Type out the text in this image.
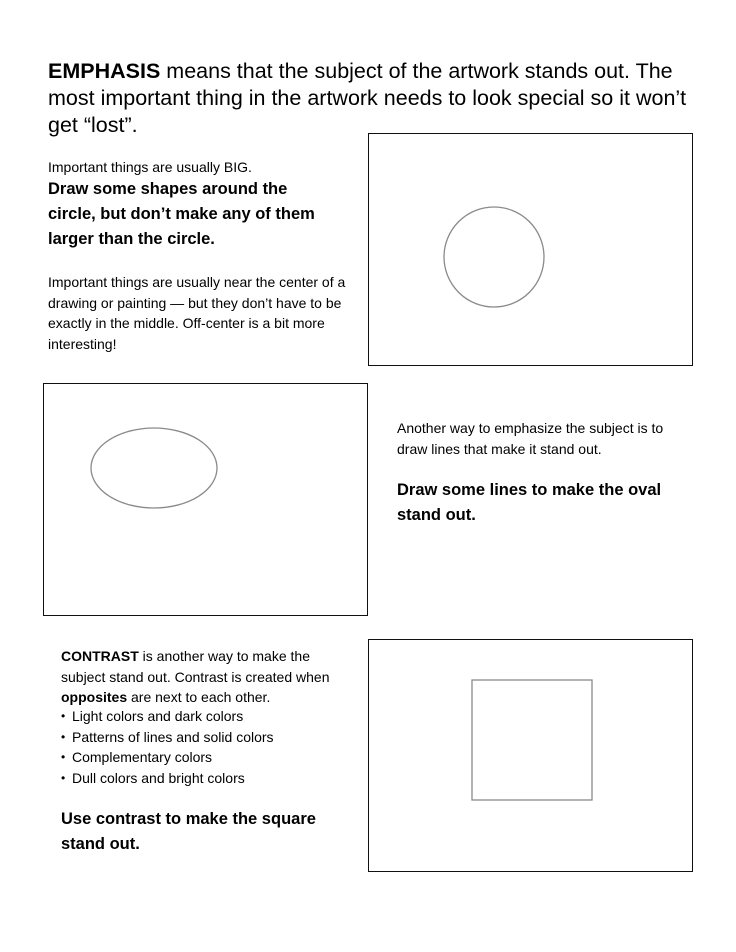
EMPHASIS means that the subject of the artwork stands out. The most important thing in the artwork needs to look special so it won’t get “lost”.
Important things are usually BIG.
Draw some shapes around the circle, but don’t make any of them larger than the circle.
Important things are usually near the center of a drawing or painting — but they don’t have to be exactly in the middle. Off-center is a bit more interesting!
Another way to emphasize the subject is to draw lines that make it stand out.
Draw some lines to make the oval stand out.
CONTRAST is another way to make the subject stand out. Contrast is created when opposites are next to each other.
• Light colors and dark colors
• Patterns of lines and solid colors
• Complementary colors
• Dull colors and bright colors
Use contrast to make the square stand out.
